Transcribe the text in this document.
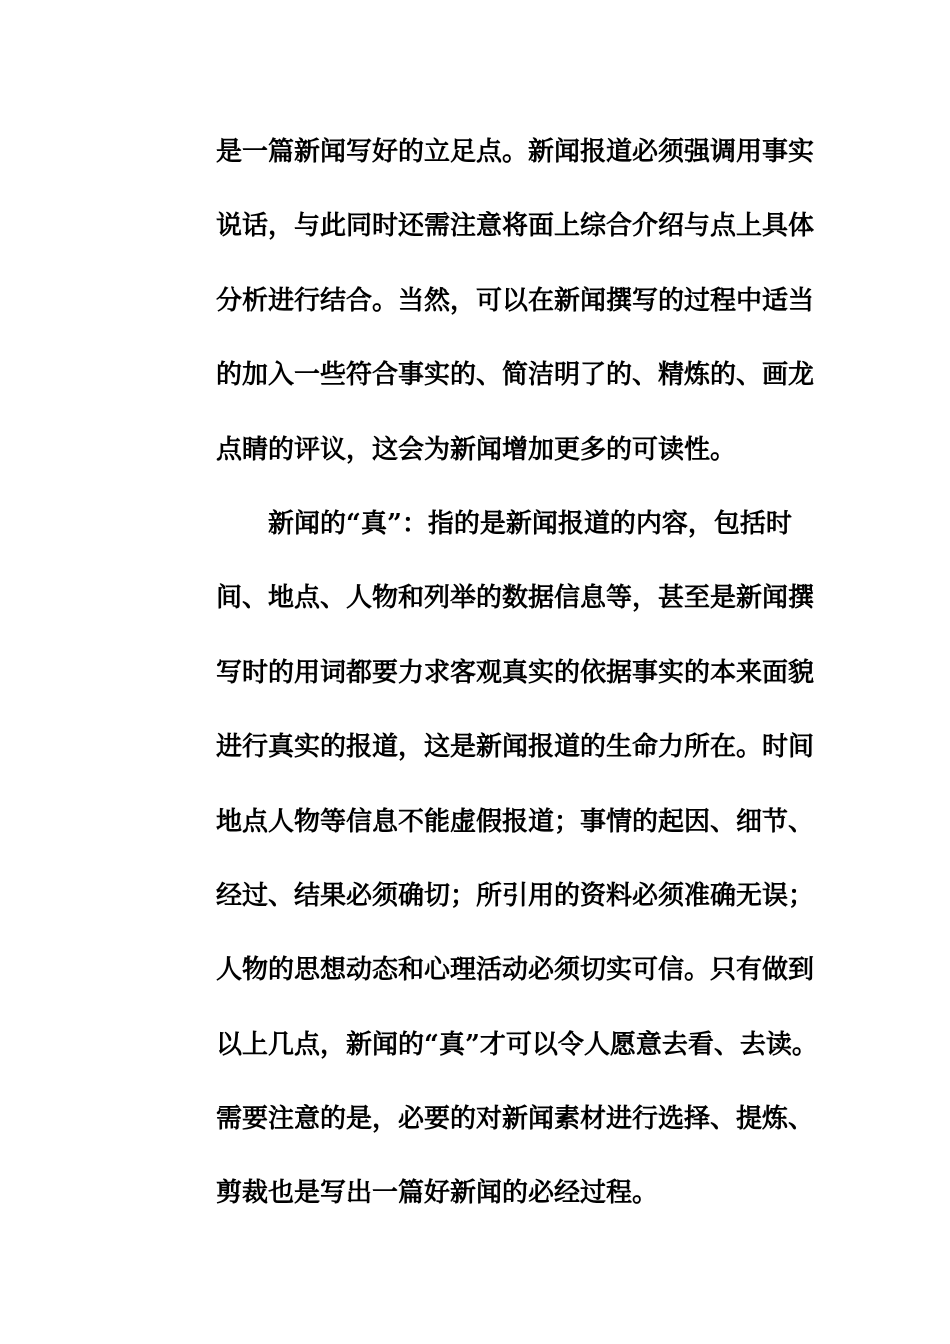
是一篇新闻写好的立足点。新闻报道必须强调用事实
说话，与此同时还需注意将面上综合介绍与点上具体
分析进行结合。当然，可以在新闻撰写的过程中适当
的加入一些符合事实的、简洁明了的、精炼的、画龙
点睛的评议，这会为新闻增加更多的可读性。
新闻的“真”：指的是新闻报道的内容，包括时
间、地点、人物和列举的数据信息等，甚至是新闻撰
写时的用词都要力求客观真实的依据事实的本来面貌
进行真实的报道，这是新闻报道的生命力所在。时间
地点人物等信息不能虚假报道；事情的起因、细节、
经过、结果必须确切；所引用的资料必须准确无误；
人物的思想动态和心理活动必须切实可信。只有做到
以上几点，新闻的“真”才可以令人愿意去看、去读。
需要注意的是，必要的对新闻素材进行选择、提炼、
剪裁也是写出一篇好新闻的必经过程。
